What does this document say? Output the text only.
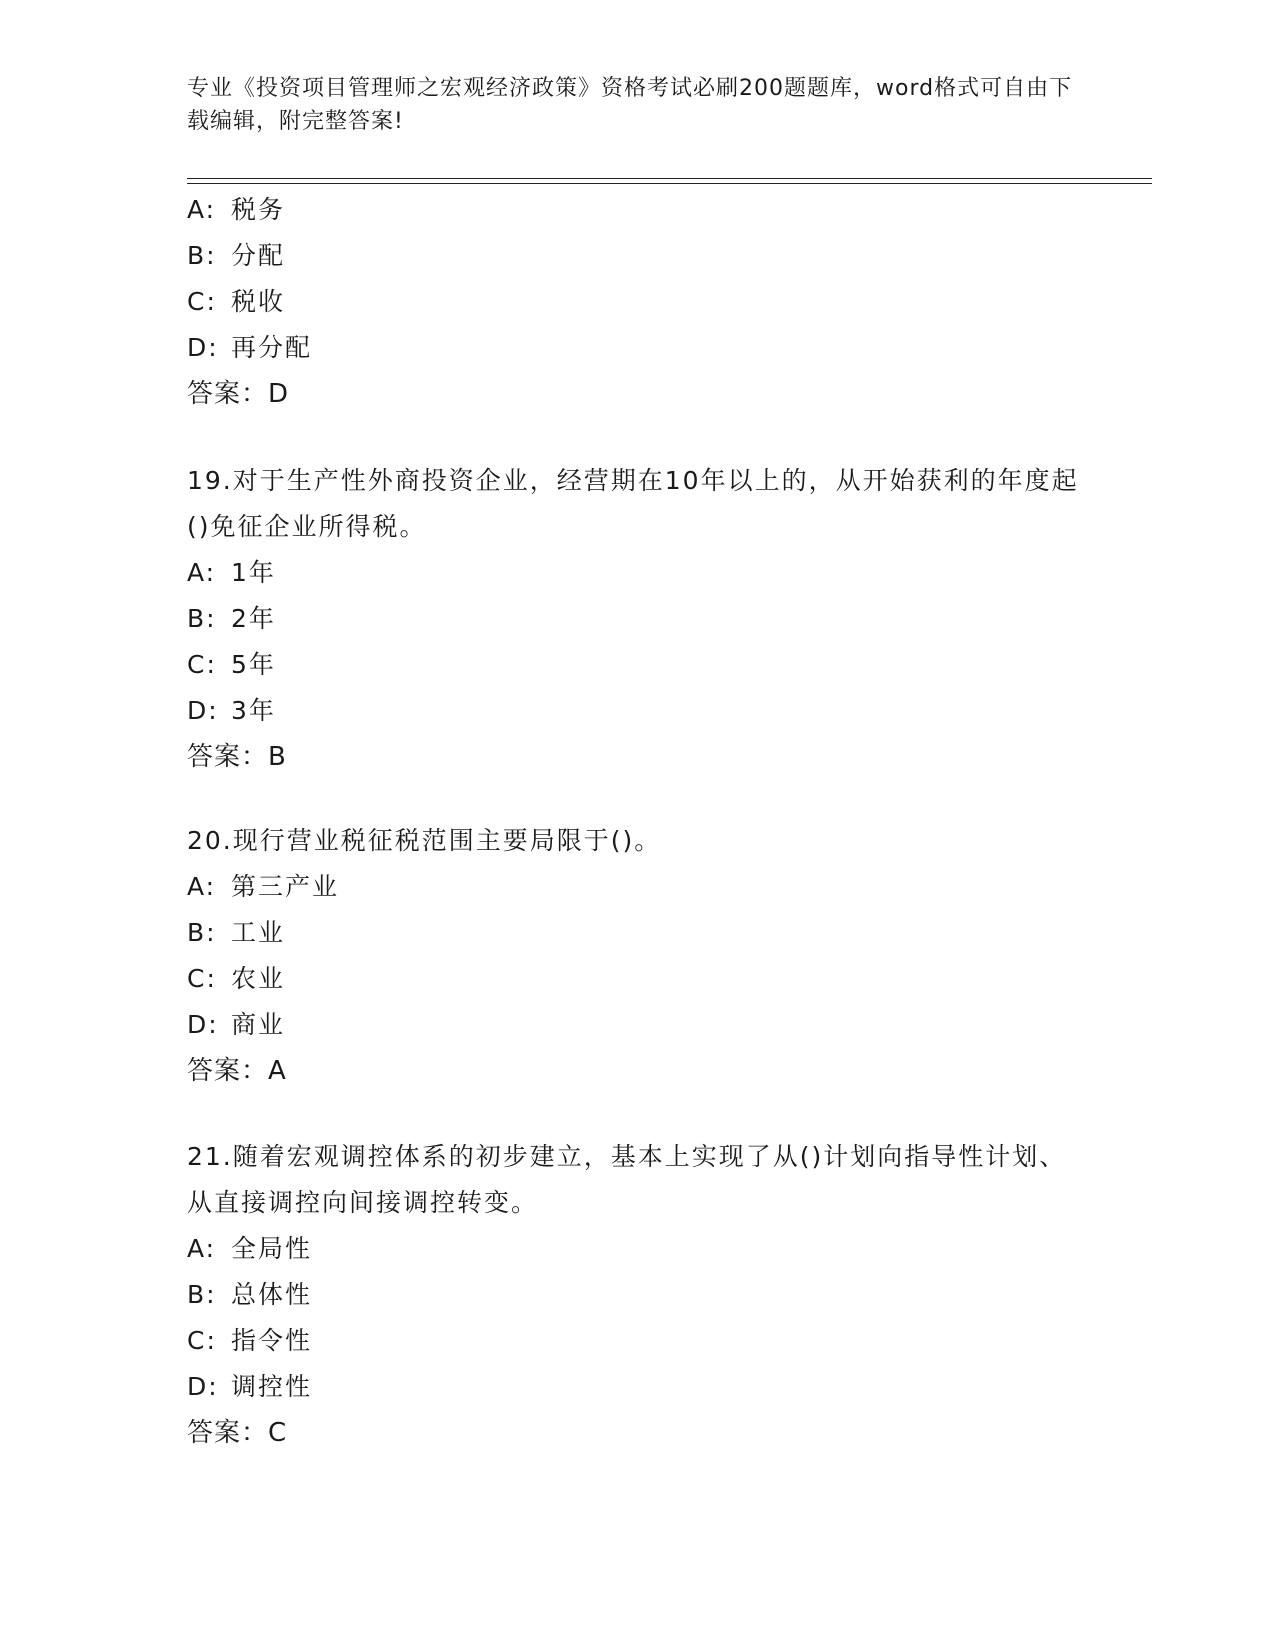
专业《投资项目管理师之宏观经济政策》资格考试必刷200题题库，word格式可自由下载编辑，附完整答案!
A: 税务
B: 分配
C: 税收
D: 再分配
答案：D

19.对于生产性外商投资企业，经营期在10年以上的，从开始获利的年度起()免征企业所得税。

A: 1年
B: 2年
C: 5年
D: 3年
答案：B

20.现行营业税征税范围主要局限于()。

A: 第三产业
B: 工业
C: 农业
D: 商业
答案：A

21.随着宏观调控体系的初步建立，基本上实现了从()计划向指导性计划、从直接调控向间接调控转变。

A: 全局性
B: 总体性
C: 指令性
D: 调控性
答案：C
